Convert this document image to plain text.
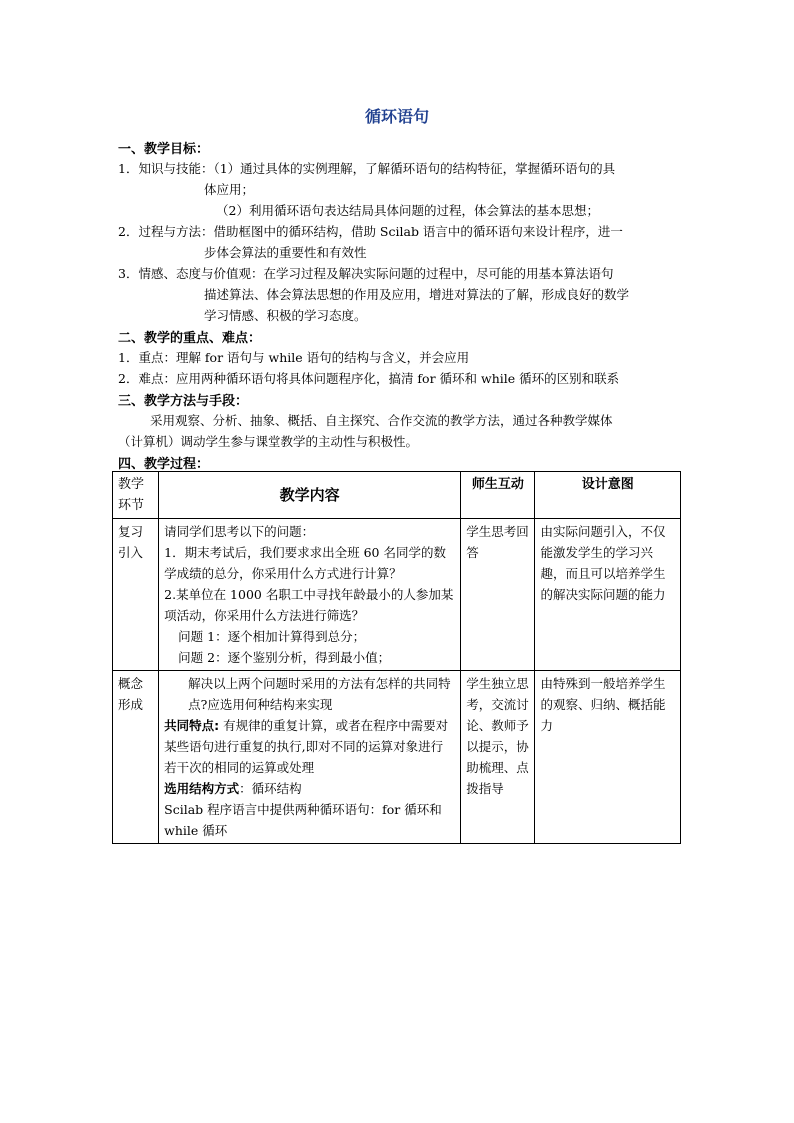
循环语句
一、教学目标：
1．知识与技能：（1）通过具体的实例理解，了解循环语句的结构特征，掌握循环语句的具
体应用；
（2）利用循环语句表达结局具体问题的过程，体会算法的基本思想；
2．过程与方法：借助框图中的循环结构，借助 Scilab 语言中的循环语句来设计程序，进一
步体会算法的重要性和有效性
3．情感、态度与价值观：在学习过程及解决实际问题的过程中，尽可能的用基本算法语句
描述算法、体会算法思想的作用及应用，增进对算法的了解，形成良好的数学
学习情感、积极的学习态度。
二、教学的重点、难点：
1．重点：理解 for 语句与 while 语句的结构与含义，并会应用
2．难点：应用两种循环语句将具体问题程序化，搞清 for 循环和 while 循环的区别和联系
三、教学方法与手段：
采用观察、分析、抽象、概括、自主探究、合作交流的教学方法，通过各种教学媒体
（计算机）调动学生参与课堂教学的主动性与积极性。
四、教学过程：
教学环节	教学内容	师生互动	设计意图
复习引入	请同学们思考以下的问题：
1．期末考试后，我们要求求出全班 60 名同学的数学成绩的总分，你采用什么方式进行计算？
2.某单位在 1000 名职工中寻找年龄最小的人参加某项活动，你采用什么方法进行筛选？
问题 1：逐个相加计算得到总分；
问题 2：逐个鉴别分析，得到最小值；	学生思考回答	由实际问题引入，不仅能激发学生的学习兴趣，而且可以培养学生的解决实际问题的能力
概念形成	解决以上两个问题时采用的方法有怎样的共同特点?应选用何种结构来实现
共同特点: 有规律的重复计算，或者在程序中需要对某些语句进行重复的执行,即对不同的运算对象进行若干次的相同的运算或处理
选用结构方式：循环结构
Scilab 程序语言中提供两种循环语句：for 循环和 while 循环	学生独立思考，交流讨论、教师予以提示，协助梳理、点拨指导	由特殊到一般培养学生的观察、归纳、概括能力
